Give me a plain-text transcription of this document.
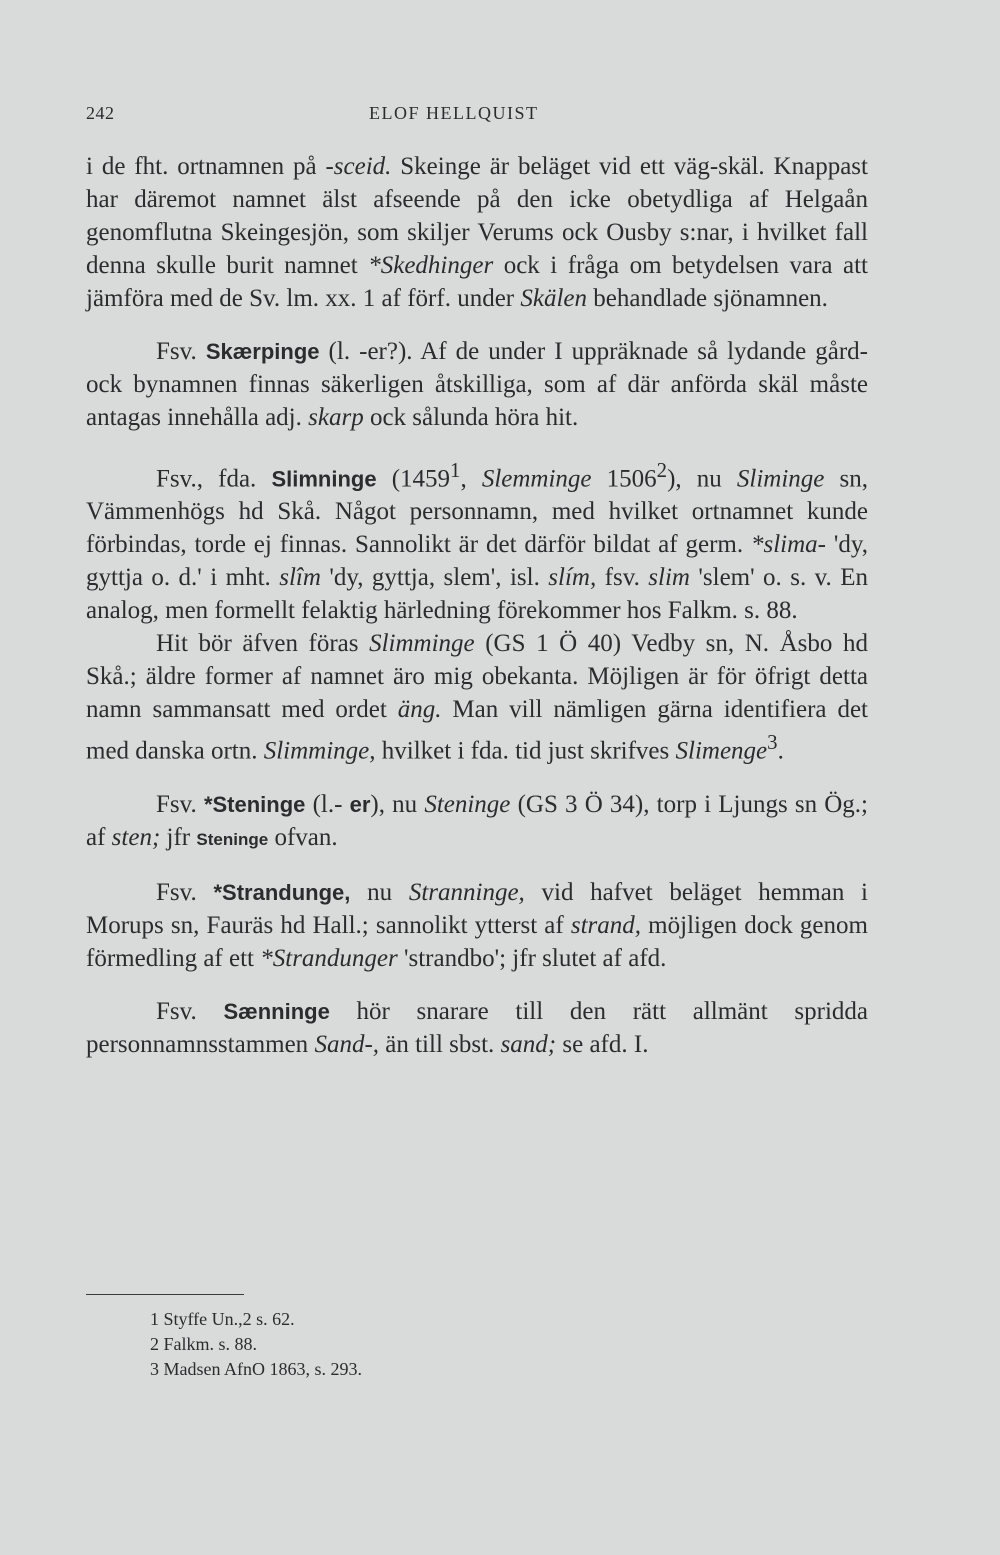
242	ELOF HELLQUIST

i de fht. ortnamnen på -sceid. Skeinge är beläget vid ett väg-skäl. Knappast har däremot namnet älst afseende på den icke obetydliga af Helgaån genomflutna Skeingesjön, som skiljer Verums ock Ousby s:nar, i hvilket fall denna skulle burit namnet *Skedhinger ock i fråga om betydelsen vara att jämföra med de Sv. lm. xx. 1 af förf. under Skälen behandlade sjönamnen.

Fsv. Skærpinge (l. -er?). Af de under I uppräknade så lydande gård- ock bynamnen finnas säkerligen åtskilliga, som af där anförda skäl måste antagas innehålla adj. skarp ock sålunda höra hit.

Fsv., fda. Slimninge (1459$^1$, Slemminge 1506$^2$), nu Sliminge sn, Vämmenhögs hd Skå. Något personnamn, med hvilket ortnamnet kunde förbindas, torde ej finnas. Sannolikt är det därför bildat af germ. *slima- 'dy, gyttja o. d.' i mht. slîm 'dy, gyttja, slem', isl. slím, fsv. slim 'slem' o. s. v. En analog, men formellt felaktig härledning förekommer hos Falkm. s. 88.

Hit bör äfven föras Slimminge (GS 1 Ö 40) Vedby sn, N. Åsbo hd Skå.; äldre former af namnet äro mig obekanta. Möjligen är för öfrigt detta namn sammansatt med ordet äng. Man vill nämligen gärna identifiera det med danska ortn. Slimminge, hvilket i fda. tid just skrifves Slimenge$^3$.

Fsv. *Steninge (l.- er), nu Steninge (GS 3 Ö 34), torp i Ljungs sn Ög.; af sten; jfr Steninge ofvan.

Fsv. *Strandunge, nu Stranninge, vid hafvet beläget hemman i Morups sn, Fauräs hd Hall.; sannolikt ytterst af strand, möjligen dock genom förmedling af ett *Strandunger 'strandbo'; jfr slutet af afd.

Fsv. Sænninge hör snarare till den rätt allmänt spridda personnamnsstammen Sand-, än till sbst. sand; se afd. I.

1 Styffe Un.,2 s. 62.
2 Falkm. s. 88.
3 Madsen AfnO 1863, s. 293.
